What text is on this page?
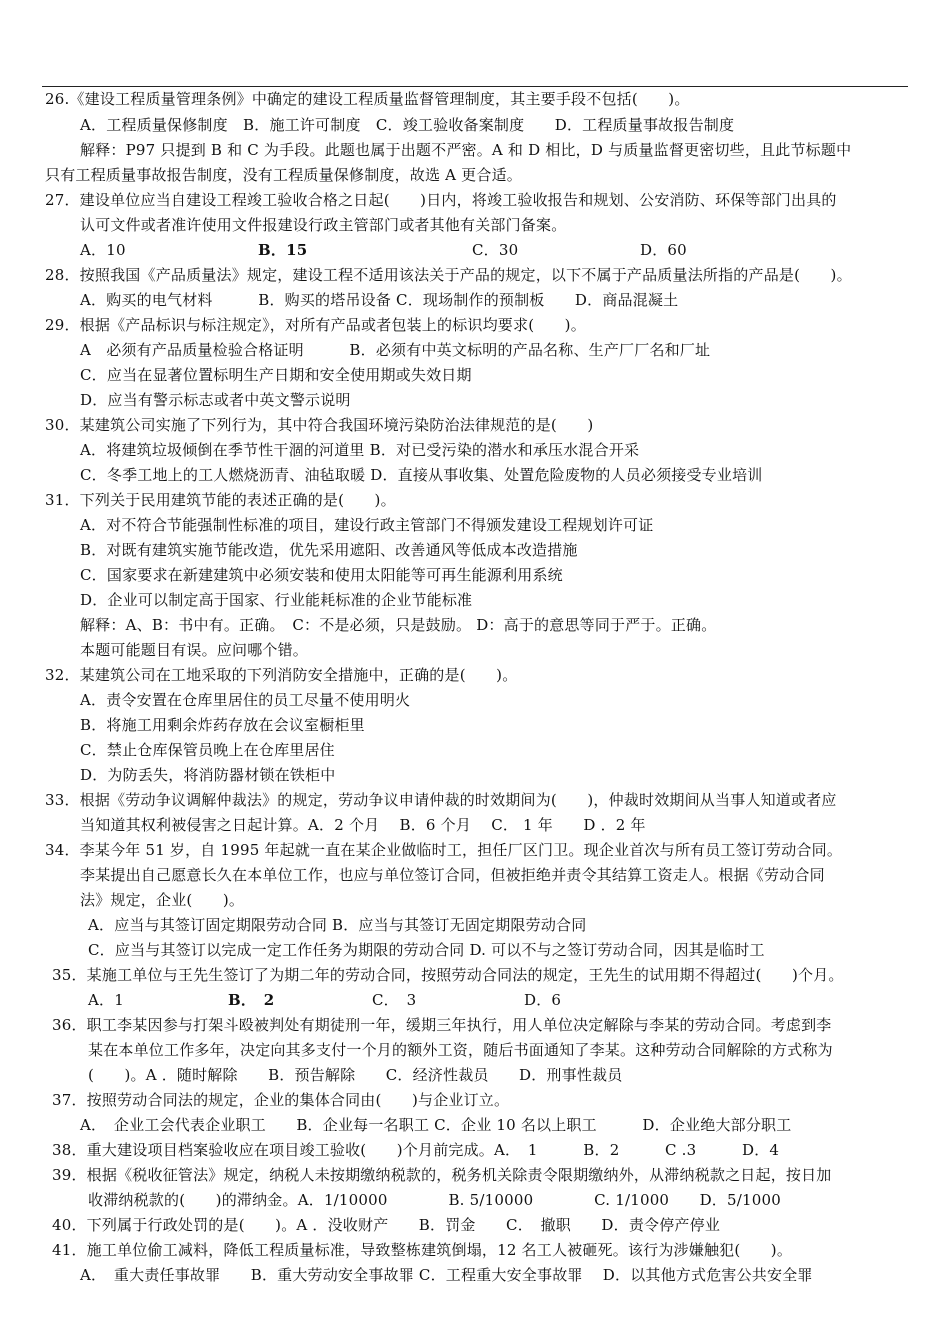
26.《建设工程质量管理条例》中确定的建设工程质量监督管理制度，其主要手段不包括(　　)。
A．工程质量保修制度　B．施工许可制度　C．竣工验收备案制度　　D．工程质量事故报告制度
解释：P97 只提到 B 和 C 为手段。此题也属于出题不严密。A 和 D 相比，D 与质量监督更密切些，且此节标题中
只有工程质量事故报告制度，没有工程质量保修制度，故选 A 更合适。
27．建设单位应当自建设工程竣工验收合格之日起(　　)日内，将竣工验收报告和规划、公安消防、环保等部门出具的
认可文件或者准许使用文件报建设行政主管部门或者其他有关部门备案。
A．10	B．15	C．30	D．60
28．按照我国《产品质量法》规定，建设工程不适用该法关于产品的规定，以下不属于产品质量法所指的产品是(　　)。
A．购买的电气材料　　　B．购买的塔吊设备 C．现场制作的预制板　　D．商品混凝土
29．根据《产品标识与标注规定》，对所有产品或者包装上的标识均要求(　　)。
A　必须有产品质量检验合格证明　　　B．必须有中英文标明的产品名称、生产厂厂名和厂址
C．应当在显著位置标明生产日期和安全使用期或失效日期
D．应当有警示标志或者中英文警示说明
30．某建筑公司实施了下列行为，其中符合我国环境污染防治法律规范的是(　　)
A．将建筑垃圾倾倒在季节性干涸的河道里 B．对已受污染的潜水和承压水混合开采
C．冬季工地上的工人燃烧沥青、油毡取暖 D．直接从事收集、处置危险废物的人员必须接受专业培训
31．下列关于民用建筑节能的表述正确的是(　　)。
A．对不符合节能强制性标准的项目，建设行政主管部门不得颁发建设工程规划许可证
B．对既有建筑实施节能改造，优先采用遮阳、改善通风等低成本改造措施
C．国家要求在新建建筑中必须安装和使用太阳能等可再生能源利用系统
D．企业可以制定高于国家、行业能耗标准的企业节能标准
解释：A、B：书中有。正确。　C：不是必须，只是鼓励。 D：高于的意思等同于严于。正确。
本题可能题目有误。应问哪个错。
32．某建筑公司在工地采取的下列消防安全措施中，正确的是(　　)。
A．责令安置在仓库里居住的员工尽量不使用明火
B．将施工用剩余炸药存放在会议室橱柜里
C．禁止仓库保管员晚上在仓库里居住
D．为防丢失，将消防器材锁在铁柜中
33．根据《劳动争议调解仲裁法》的规定，劳动争议申请仲裁的时效期间为(　　)，仲裁时效期间从当事人知道或者应
当知道其权利被侵害之日起计算。A．2 个月　 B．6 个月　 C． 1 年　　D ．2 年
34．李某今年 51 岁，自 1995 年起就一直在某企业做临时工，担任厂区门卫。现企业首次与所有员工签订劳动合同。
李某提出自己愿意长久在本单位工作，也应与单位签订合同，但被拒绝并责令其结算工资走人。根据《劳动合同
法》规定，企业(　　)。
A．应当与其签订固定期限劳动合同 B．应当与其签订无固定期限劳动合同
C．应当与其签订以完成一定工作任务为期限的劳动合同 D. 可以不与之签订劳动合同，因其是临时工
35．某施工单位与王先生签订了为期二年的劳动合同，按照劳动合同法的规定，王先生的试用期不得超过(　　)个月。
A．1	B．　2	C．　3	D．6
36．职工李某因参与打架斗殴被判处有期徒刑一年，缓期三年执行，用人单位决定解除与李某的劳动合同。考虑到李
某在本单位工作多年，决定向其多支付一个月的额外工资，随后书面通知了李某。这种劳动合同解除的方式称为
(　　)。A ．随时解除　　B．预告解除　　C．经济性裁员　　D．刑事性裁员
37．按照劳动合同法的规定，企业的集体合同由(　　)与企业订立。
A．　企业工会代表企业职工　　B．企业每一名职工 C．企业 10 名以上职工　　　D．企业绝大部分职工
38．重大建设项目档案验收应在项目竣工验收(　　)个月前完成。A．　1　　　B．2　　　C .3　　　D．4
39．根据《税收征管法》规定，纳税人未按期缴纳税款的，税务机关除责令限期缴纳外，从滞纳税款之日起，按日加
收滞纳税款的(　　)的滞纳金。A．1/10000　　　　B. 5/10000　　　　C. 1/1000　　D．5/1000
40．下列属于行政处罚的是(　　)。A ．没收财产　　B．罚金　　C．　撤职　　D．责令停产停业
41．施工单位偷工减料，降低工程质量标准，导致整栋建筑倒塌，12 名工人被砸死。该行为涉嫌触犯(　　)。
A．　重大责任事故罪　　B．重大劳动安全事故罪 C．工程重大安全事故罪　 D．以其他方式危害公共安全罪
